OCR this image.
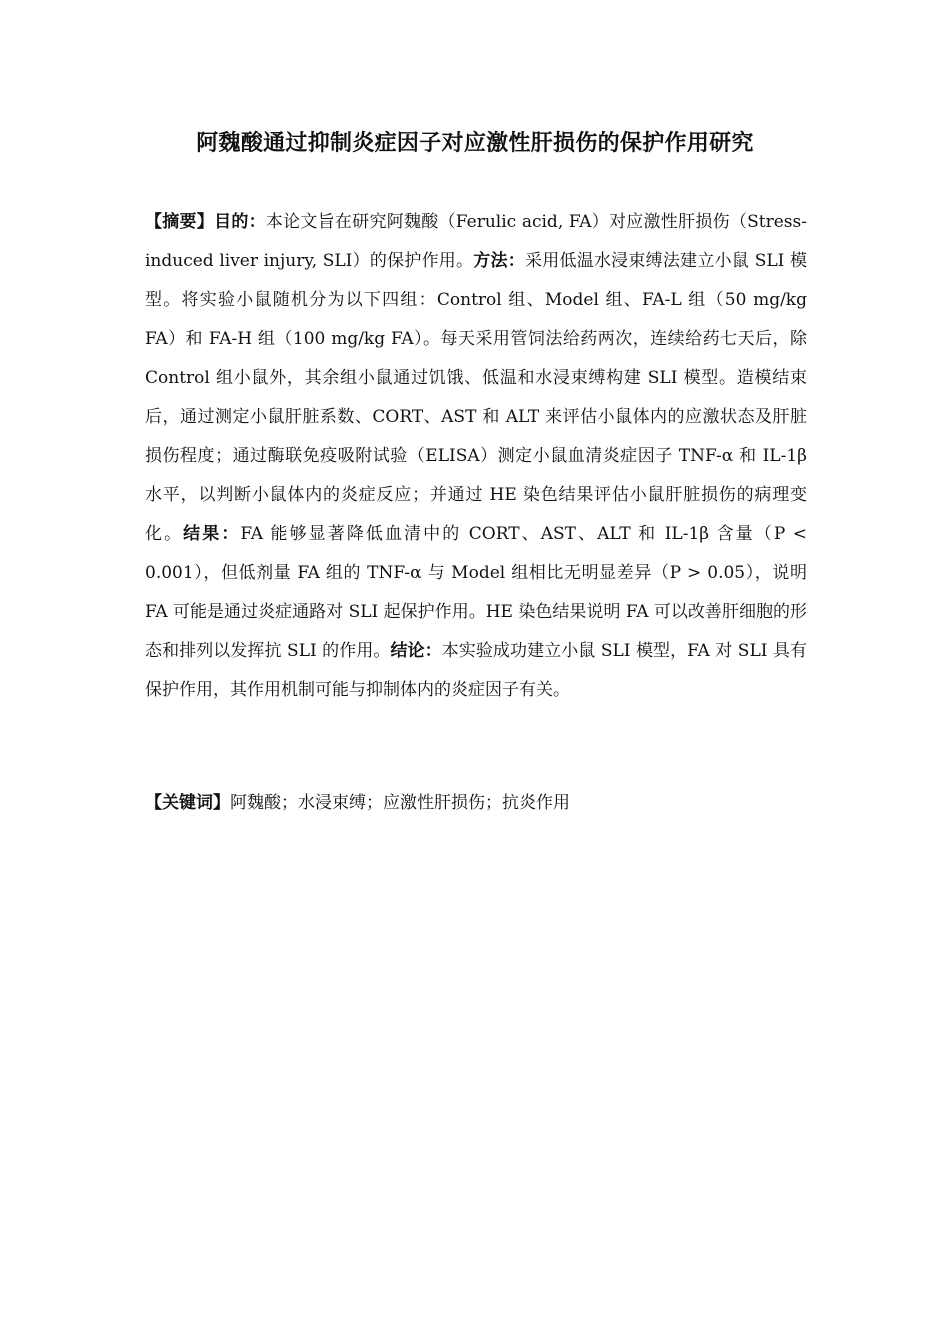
阿魏酸通过抑制炎症因子对应激性肝损伤的保护作用研究

【摘要】目的：本论文旨在研究阿魏酸（Ferulic acid, FA）对应激性肝损伤（Stress-induced liver injury, SLI）的保护作用。方法：采用低温水浸束缚法建立小鼠 SLI 模型。将实验小鼠随机分为以下四组：Control 组、Model 组、FA-L 组（50 mg/kg FA）和 FA-H 组（100 mg/kg FA）。每天采用管饲法给药两次，连续给药七天后，除 Control 组小鼠外，其余组小鼠通过饥饿、低温和水浸束缚构建 SLI 模型。造模结束后，通过测定小鼠肝脏系数、CORT、AST 和 ALT 来评估小鼠体内的应激状态及肝脏损伤程度；通过酶联免疫吸附试验（ELISA）测定小鼠血清炎症因子 TNF-α 和 IL-1β 水平，以判断小鼠体内的炎症反应；并通过 HE 染色结果评估小鼠肝脏损伤的病理变化。结果：FA 能够显著降低血清中的 CORT、AST、ALT 和 IL-1β 含量（P < 0.001），但低剂量 FA 组的 TNF-α 与 Model 组相比无明显差异（P > 0.05），说明 FA 可能是通过炎症通路对 SLI 起保护作用。HE 染色结果说明 FA 可以改善肝细胞的形态和排列以发挥抗 SLI 的作用。结论：本实验成功建立小鼠 SLI 模型，FA 对 SLI 具有保护作用，其作用机制可能与抑制体内的炎症因子有关。

【关键词】阿魏酸；水浸束缚；应激性肝损伤；抗炎作用
